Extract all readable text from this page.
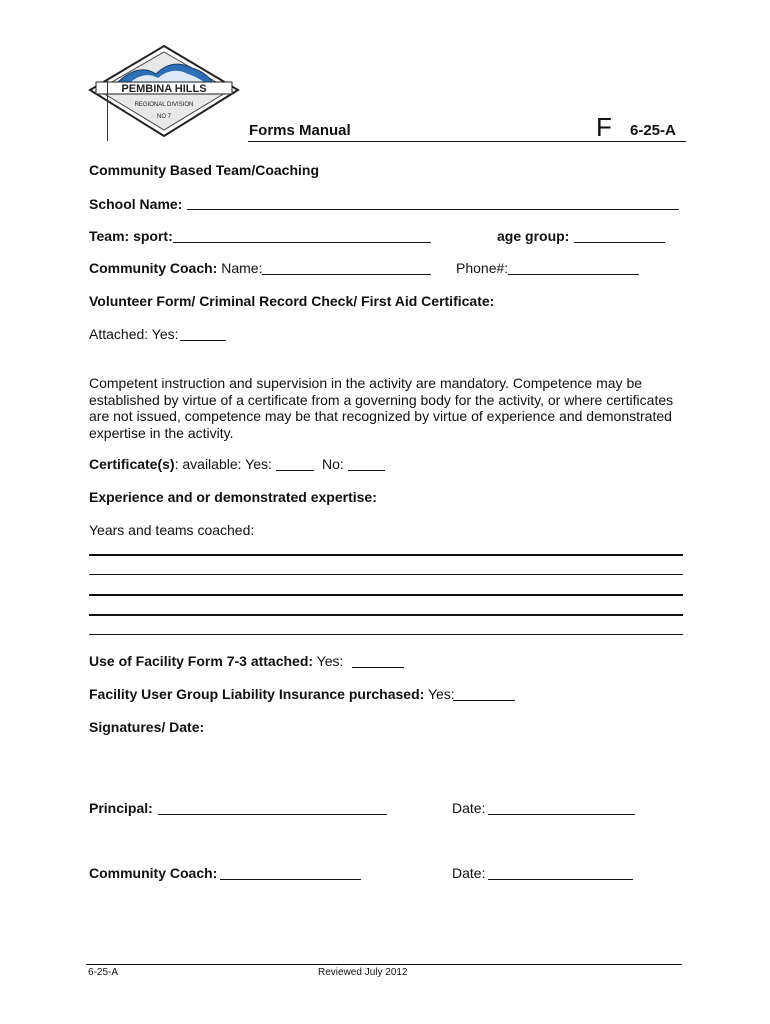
PEMBINA HILLS
REGIONAL DIVISION
NO 7
Forms Manual	F 6-25-A
Community Based Team/Coaching
School Name:
Team: sport:	age group:
Community Coach: Name:	Phone#:
Volunteer Form/ Criminal Record Check/ First Aid Certificate:
Attached: Yes:
Competent instruction and supervision in the activity are mandatory. Competence may be
established by virtue of a certificate from a governing body for the activity, or where certificates
are not issued, competence may be that recognized by virtue of experience and demonstrated
expertise in the activity.
Certificate(s): available: Yes:	No:
Experience and or demonstrated expertise:
Years and teams coached:
Use of Facility Form 7-3 attached: Yes:
Facility User Group Liability Insurance purchased: Yes:
Signatures/ Date:
Principal:	Date:
Community Coach:	Date:
6-25-A	Reviewed July 2012
